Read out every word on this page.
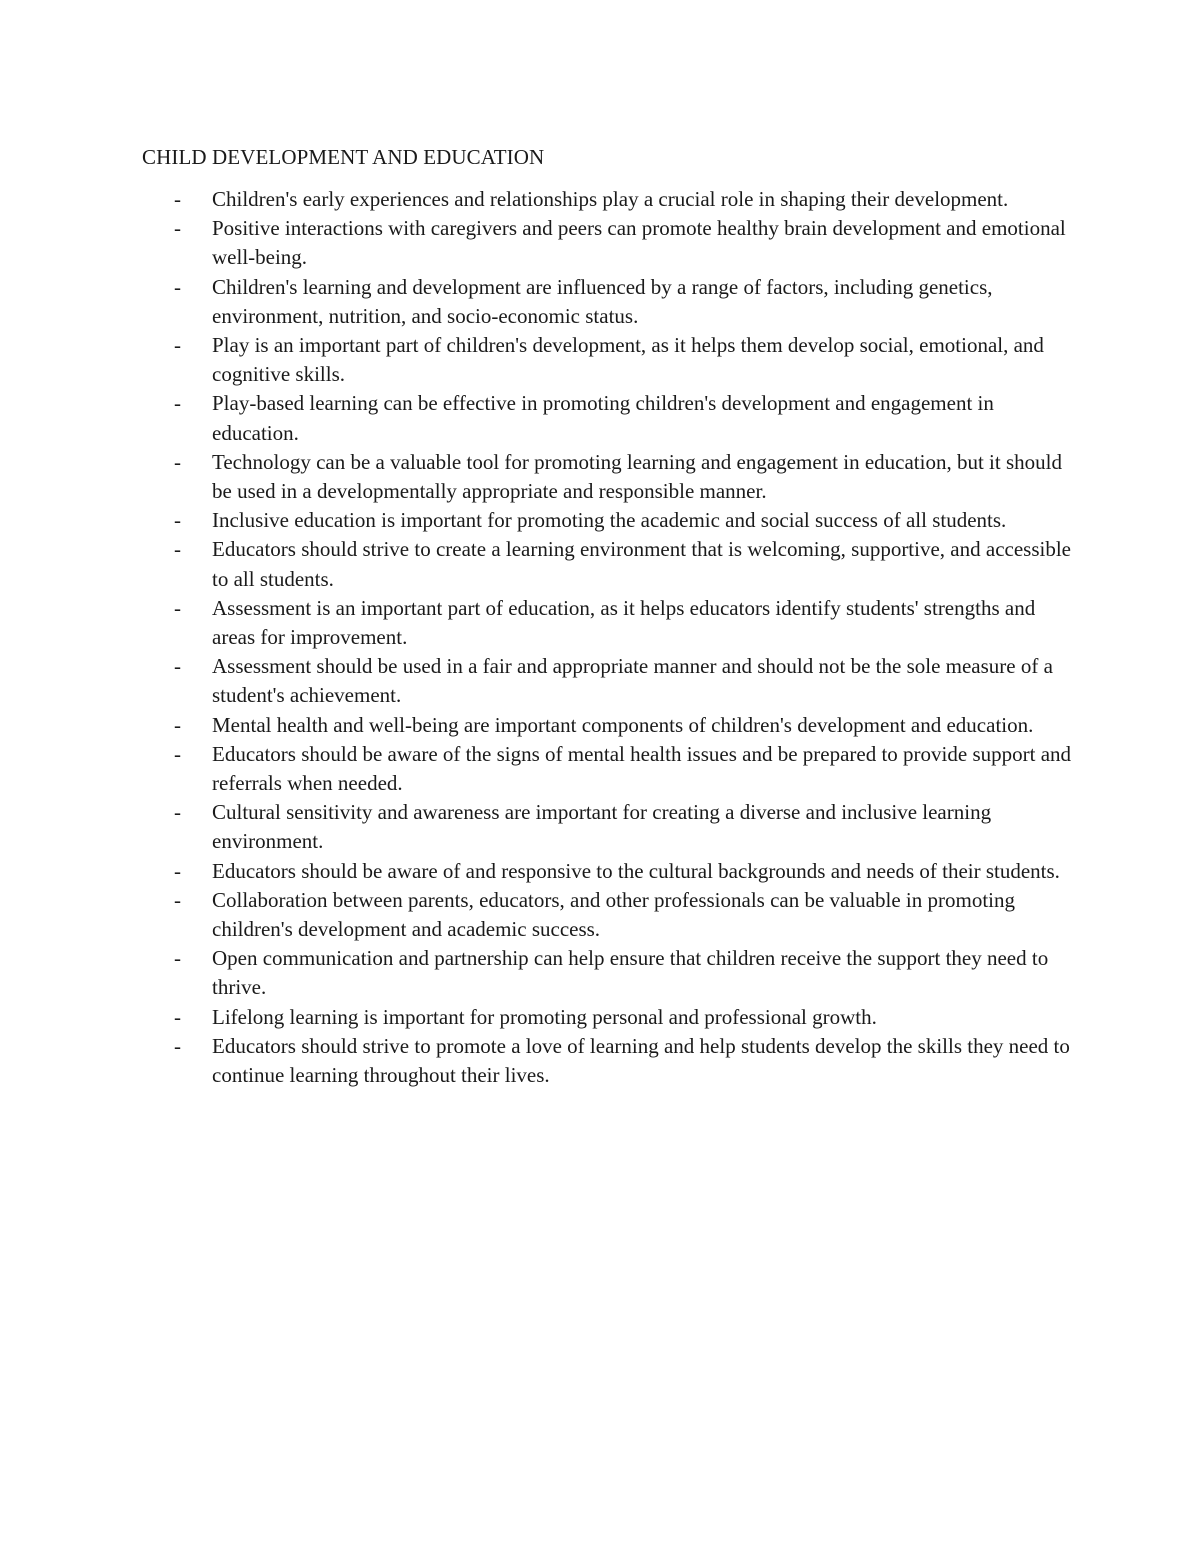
CHILD DEVELOPMENT AND EDUCATION
- Children's early experiences and relationships play a crucial role in shaping their development.
- Positive interactions with caregivers and peers can promote healthy brain development and emotional well-being.
- Children's learning and development are influenced by a range of factors, including genetics, environment, nutrition, and socio-economic status.
- Play is an important part of children's development, as it helps them develop social, emotional, and cognitive skills.
- Play-based learning can be effective in promoting children's development and engagement in education.
- Technology can be a valuable tool for promoting learning and engagement in education, but it should be used in a developmentally appropriate and responsible manner.
- Inclusive education is important for promoting the academic and social success of all students.
- Educators should strive to create a learning environment that is welcoming, supportive, and accessible to all students.
- Assessment is an important part of education, as it helps educators identify students' strengths and areas for improvement.
- Assessment should be used in a fair and appropriate manner and should not be the sole measure of a student's achievement.
- Mental health and well-being are important components of children's development and education.
- Educators should be aware of the signs of mental health issues and be prepared to provide support and referrals when needed.
- Cultural sensitivity and awareness are important for creating a diverse and inclusive learning environment.
- Educators should be aware of and responsive to the cultural backgrounds and needs of their students.
- Collaboration between parents, educators, and other professionals can be valuable in promoting children's development and academic success.
- Open communication and partnership can help ensure that children receive the support they need to thrive.
- Lifelong learning is important for promoting personal and professional growth.
- Educators should strive to promote a love of learning and help students develop the skills they need to continue learning throughout their lives.
